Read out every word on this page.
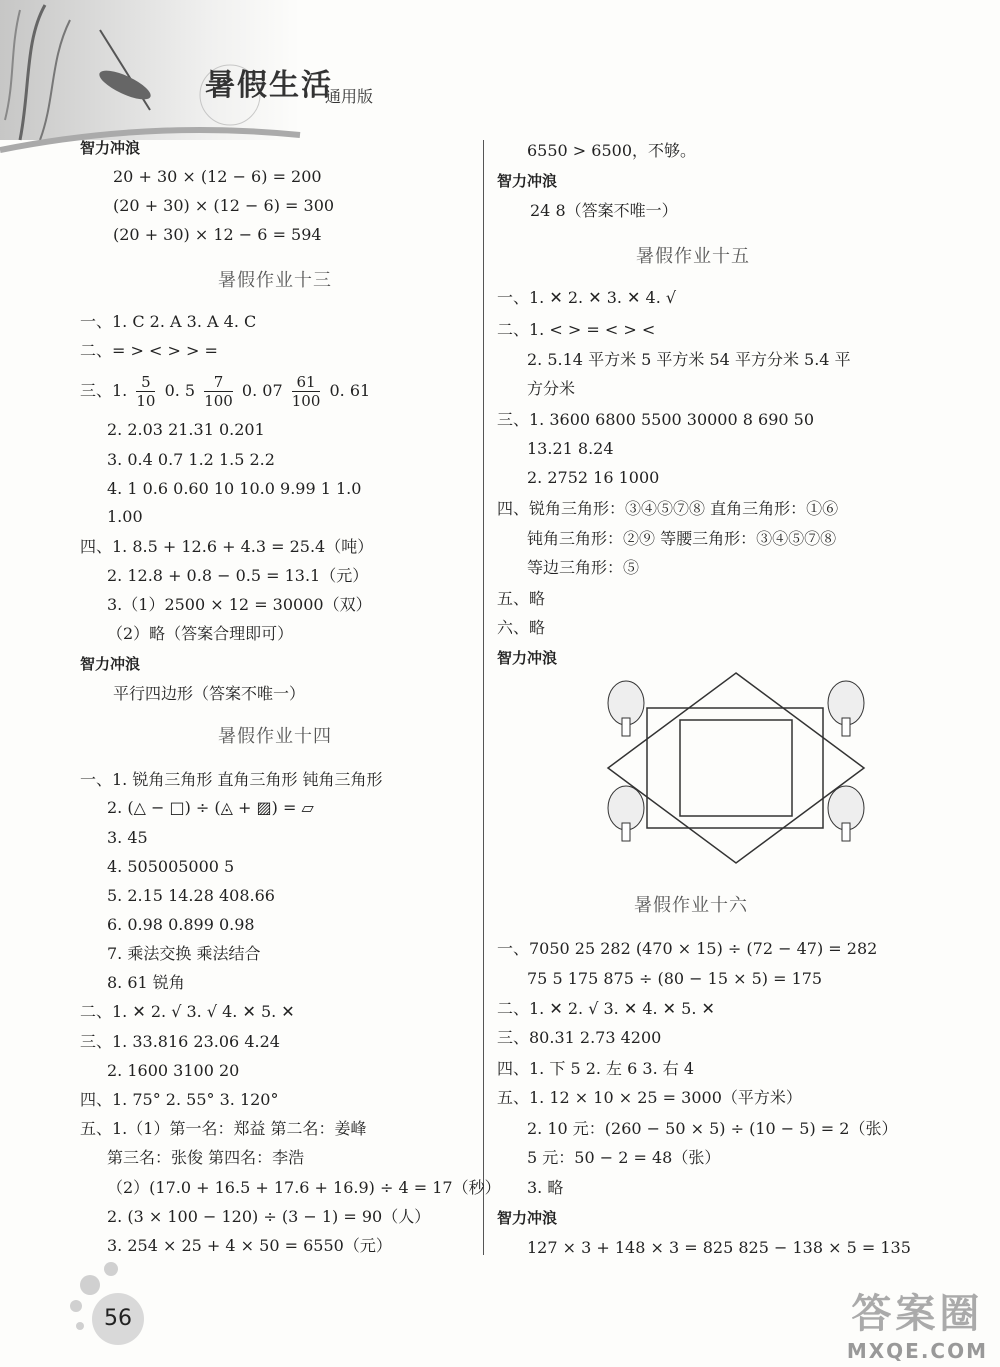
暑假生活
通用版
智力冲浪
20 + 30 × (12 − 6) = 200
(20 + 30) × (12 − 6) = 300
(20 + 30) × 12 − 6 = 594
暑假作业十三
一、1. C 2. A 3. A 4. C
二、= > < > > =
三、1. $\frac{5}{10} 0$. $5 \frac{7}{100} 0$. $07 \frac{61}{100} 0$. 61
2. 2.03 21.31 0.201
3. 0.4 0.7 1.2 1.5 2.2
4. 1 0.6 0.60 10 10.0 9.99 1 1.0
1.00
四、1. 8.5 + 12.6 + 4.3 = 25.4（吨）
2. 12.8 + 0.8 − 0.5 = 13.1（元）
3.（1）2500 × 12 = 30000（双）
（2）略（答案合理即可）
智力冲浪
平行四边形（答案不唯一）
暑假作业十四
一、1. 锐角三角形 直角三角形 钝角三角形
2. (△ − □) ÷ (◬ + ▨) = ▱
3. 45
4. 505005000 5
5. 2.15 14.28 408.66
6. 0.98 0.899 0.98
7. 乘法交换 乘法结合
8. 61 锐角
二、1. ✕ 2. √ 3. √ 4. ✕ 5. ✕
三、1. 33.816 23.06 4.24
2. 1600 3100 20
四、1. 75° 2. 55° 3. 120°
五、1.（1）第一名：郑益 第二名：姜峰
第三名：张俊 第四名：李浩
（2）(17.0 + 16.5 + 17.6 + 16.9) ÷ 4 = 17（秒）
2. (3 × 100 − 120) ÷ (3 − 1) = 90（人）
3. 254 × 25 + 4 × 50 = 6550（元）
6550 > 6500，不够。
智力冲浪
24 8（答案不唯一）
暑假作业十五
一、1. ✕ 2. ✕ 3. ✕ 4. √
二、1. < > = < > <
2. 5.14 平方米 5 平方米 54 平方分米 5.4 平
方分米
三、1. 3600 6800 5500 30000 8 690 50
13.21 8.24
2. 2752 16 1000
四、锐角三角形：③④⑤⑦⑧ 直角三角形：①⑥
钝角三角形：②⑨ 等腰三角形：③④⑤⑦⑧
等边三角形：⑤
五、略
六、略
智力冲浪
暑假作业十六
一、7050 25 282 (470 × 15) ÷ (72 − 47) = 282
75 5 175 875 ÷ (80 − 15 × 5) = 175
二、1. ✕ 2. √ 3. ✕ 4. ✕ 5. ✕
三、80.31 2.73 4200
四、1. 下 5 2. 左 6 3. 右 4
五、1. 12 × 10 × 25 = 3000（平方米）
2. 10 元：(260 − 50 × 5) ÷ (10 − 5) = 2（张）
5 元：50 − 2 = 48（张）
3. 略
智力冲浪
127 × 3 + 148 × 3 = 825 825 − 138 × 5 = 135
56	答案圈
MXQE.COM
